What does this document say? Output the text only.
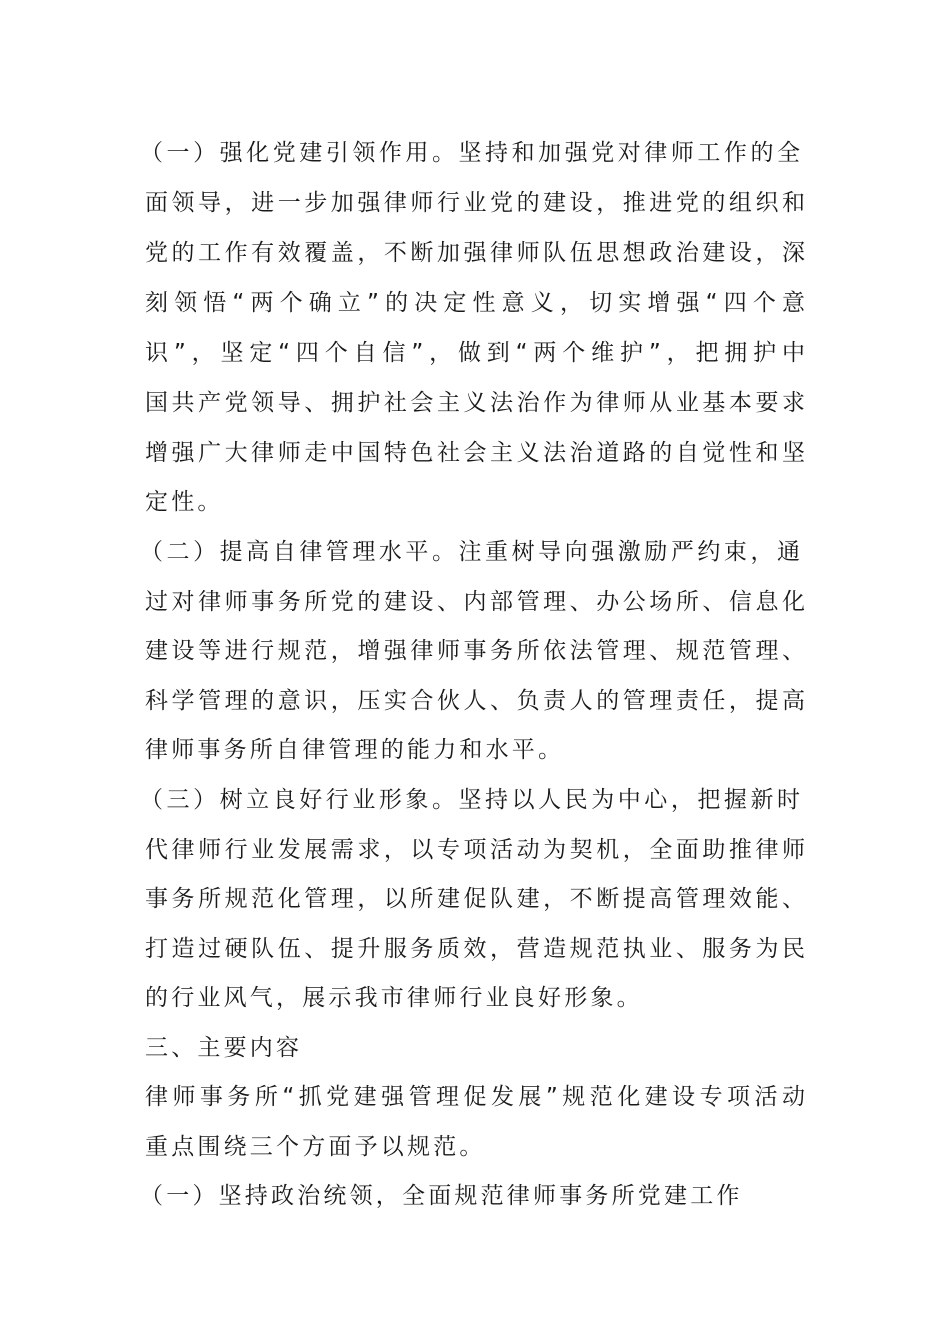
（一）强化党建引领作用。坚持和加强党对律师工作的全
面领导，进一步加强律师行业党的建设，推进党的组织和
党的工作有效覆盖，不断加强律师队伍思想政治建设，深
刻领悟“两个确立”的决定性意义，切实增强“四个意
识”，坚定“四个自信”，做到“两个维护”，把拥护中
国共产党领导、拥护社会主义法治作为律师从业基本要求
增强广大律师走中国特色社会主义法治道路的自觉性和坚
定性。
（二）提高自律管理水平。注重树导向强激励严约束，通
过对律师事务所党的建设、内部管理、办公场所、信息化
建设等进行规范，增强律师事务所依法管理、规范管理、
科学管理的意识，压实合伙人、负责人的管理责任，提高
律师事务所自律管理的能力和水平。
（三）树立良好行业形象。坚持以人民为中心，把握新时
代律师行业发展需求，以专项活动为契机，全面助推律师
事务所规范化管理，以所建促队建，不断提高管理效能、
打造过硬队伍、提升服务质效，营造规范执业、服务为民
的行业风气，展示我市律师行业良好形象。
三、主要内容
律师事务所“抓党建强管理促发展”规范化建设专项活动
重点围绕三个方面予以规范。
（一）坚持政治统领，全面规范律师事务所党建工作
